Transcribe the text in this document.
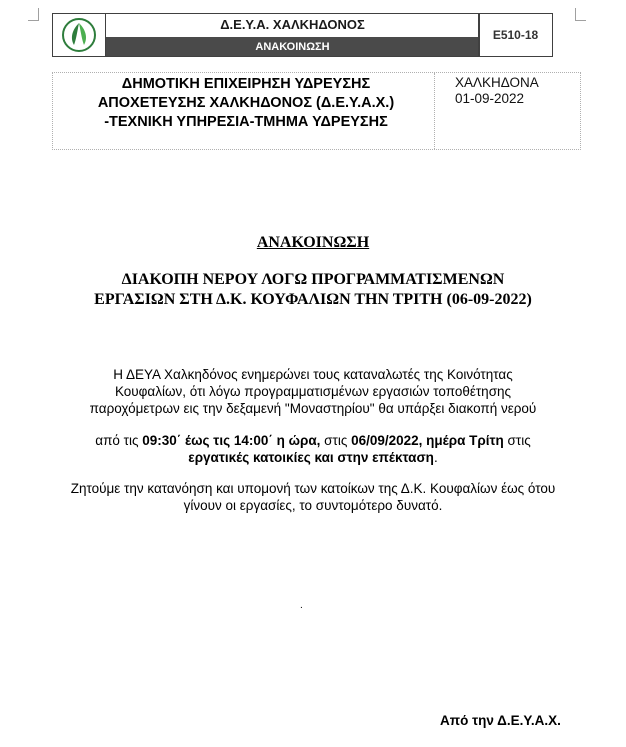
Δ.Ε.Υ.Α. ΧΑΛΚΗΔΟΝΟΣ
ΑΝΑΚΟΙΝΩΣΗ
Ε510-18
ΔΗΜΟΤΙΚΗ ΕΠΙΧΕΙΡΗΣΗ ΥΔΡΕΥΣΗΣ
ΑΠΟΧΕΤΕΥΣΗΣ ΧΑΛΚΗΔΟΝΟΣ (Δ.Ε.Υ.Α.Χ.)
-ΤΕΧΝΙΚΗ ΥΠΗΡΕΣΙΑ-ΤΜΗΜΑ ΥΔΡΕΥΣΗΣ
ΧΑΛΚΗΔΟΝΑ
01-09-2022
ΑΝΑΚΟΙΝΩΣΗ
ΔΙΑΚΟΠΗ ΝΕΡΟΥ ΛΟΓΩ ΠΡΟΓΡΑΜΜΑΤΙΣΜΕΝΩΝ
ΕΡΓΑΣΙΩΝ ΣΤΗ Δ.Κ. ΚΟΥΦΑΛΙΩΝ ΤΗΝ ΤΡΙΤΗ (06-09-2022)
Η ΔΕΥΑ Χαλκηδόνος ενημερώνει τους καταναλωτές της Κοινότητας
Κουφαλίων, ότι λόγω προγραμματισμένων εργασιών τοποθέτησης
παροχόμετρων εις την δεξαμενή "Μοναστηρίου" θα υπάρξει διακοπή νερού
από τις 09:30΄ έως τις 14:00΄ η ώρα, στις 06/09/2022, ημέρα Τρίτη στις
εργατικές κατοικίες και στην επέκταση.
Ζητούμε την κατανόηση και υπομονή των κατοίκων της Δ.Κ. Κουφαλίων έως ότου
γίνουν οι εργασίες, το συντομότερο δυνατό.
.
Από την Δ.Ε.Υ.Α.Χ.
